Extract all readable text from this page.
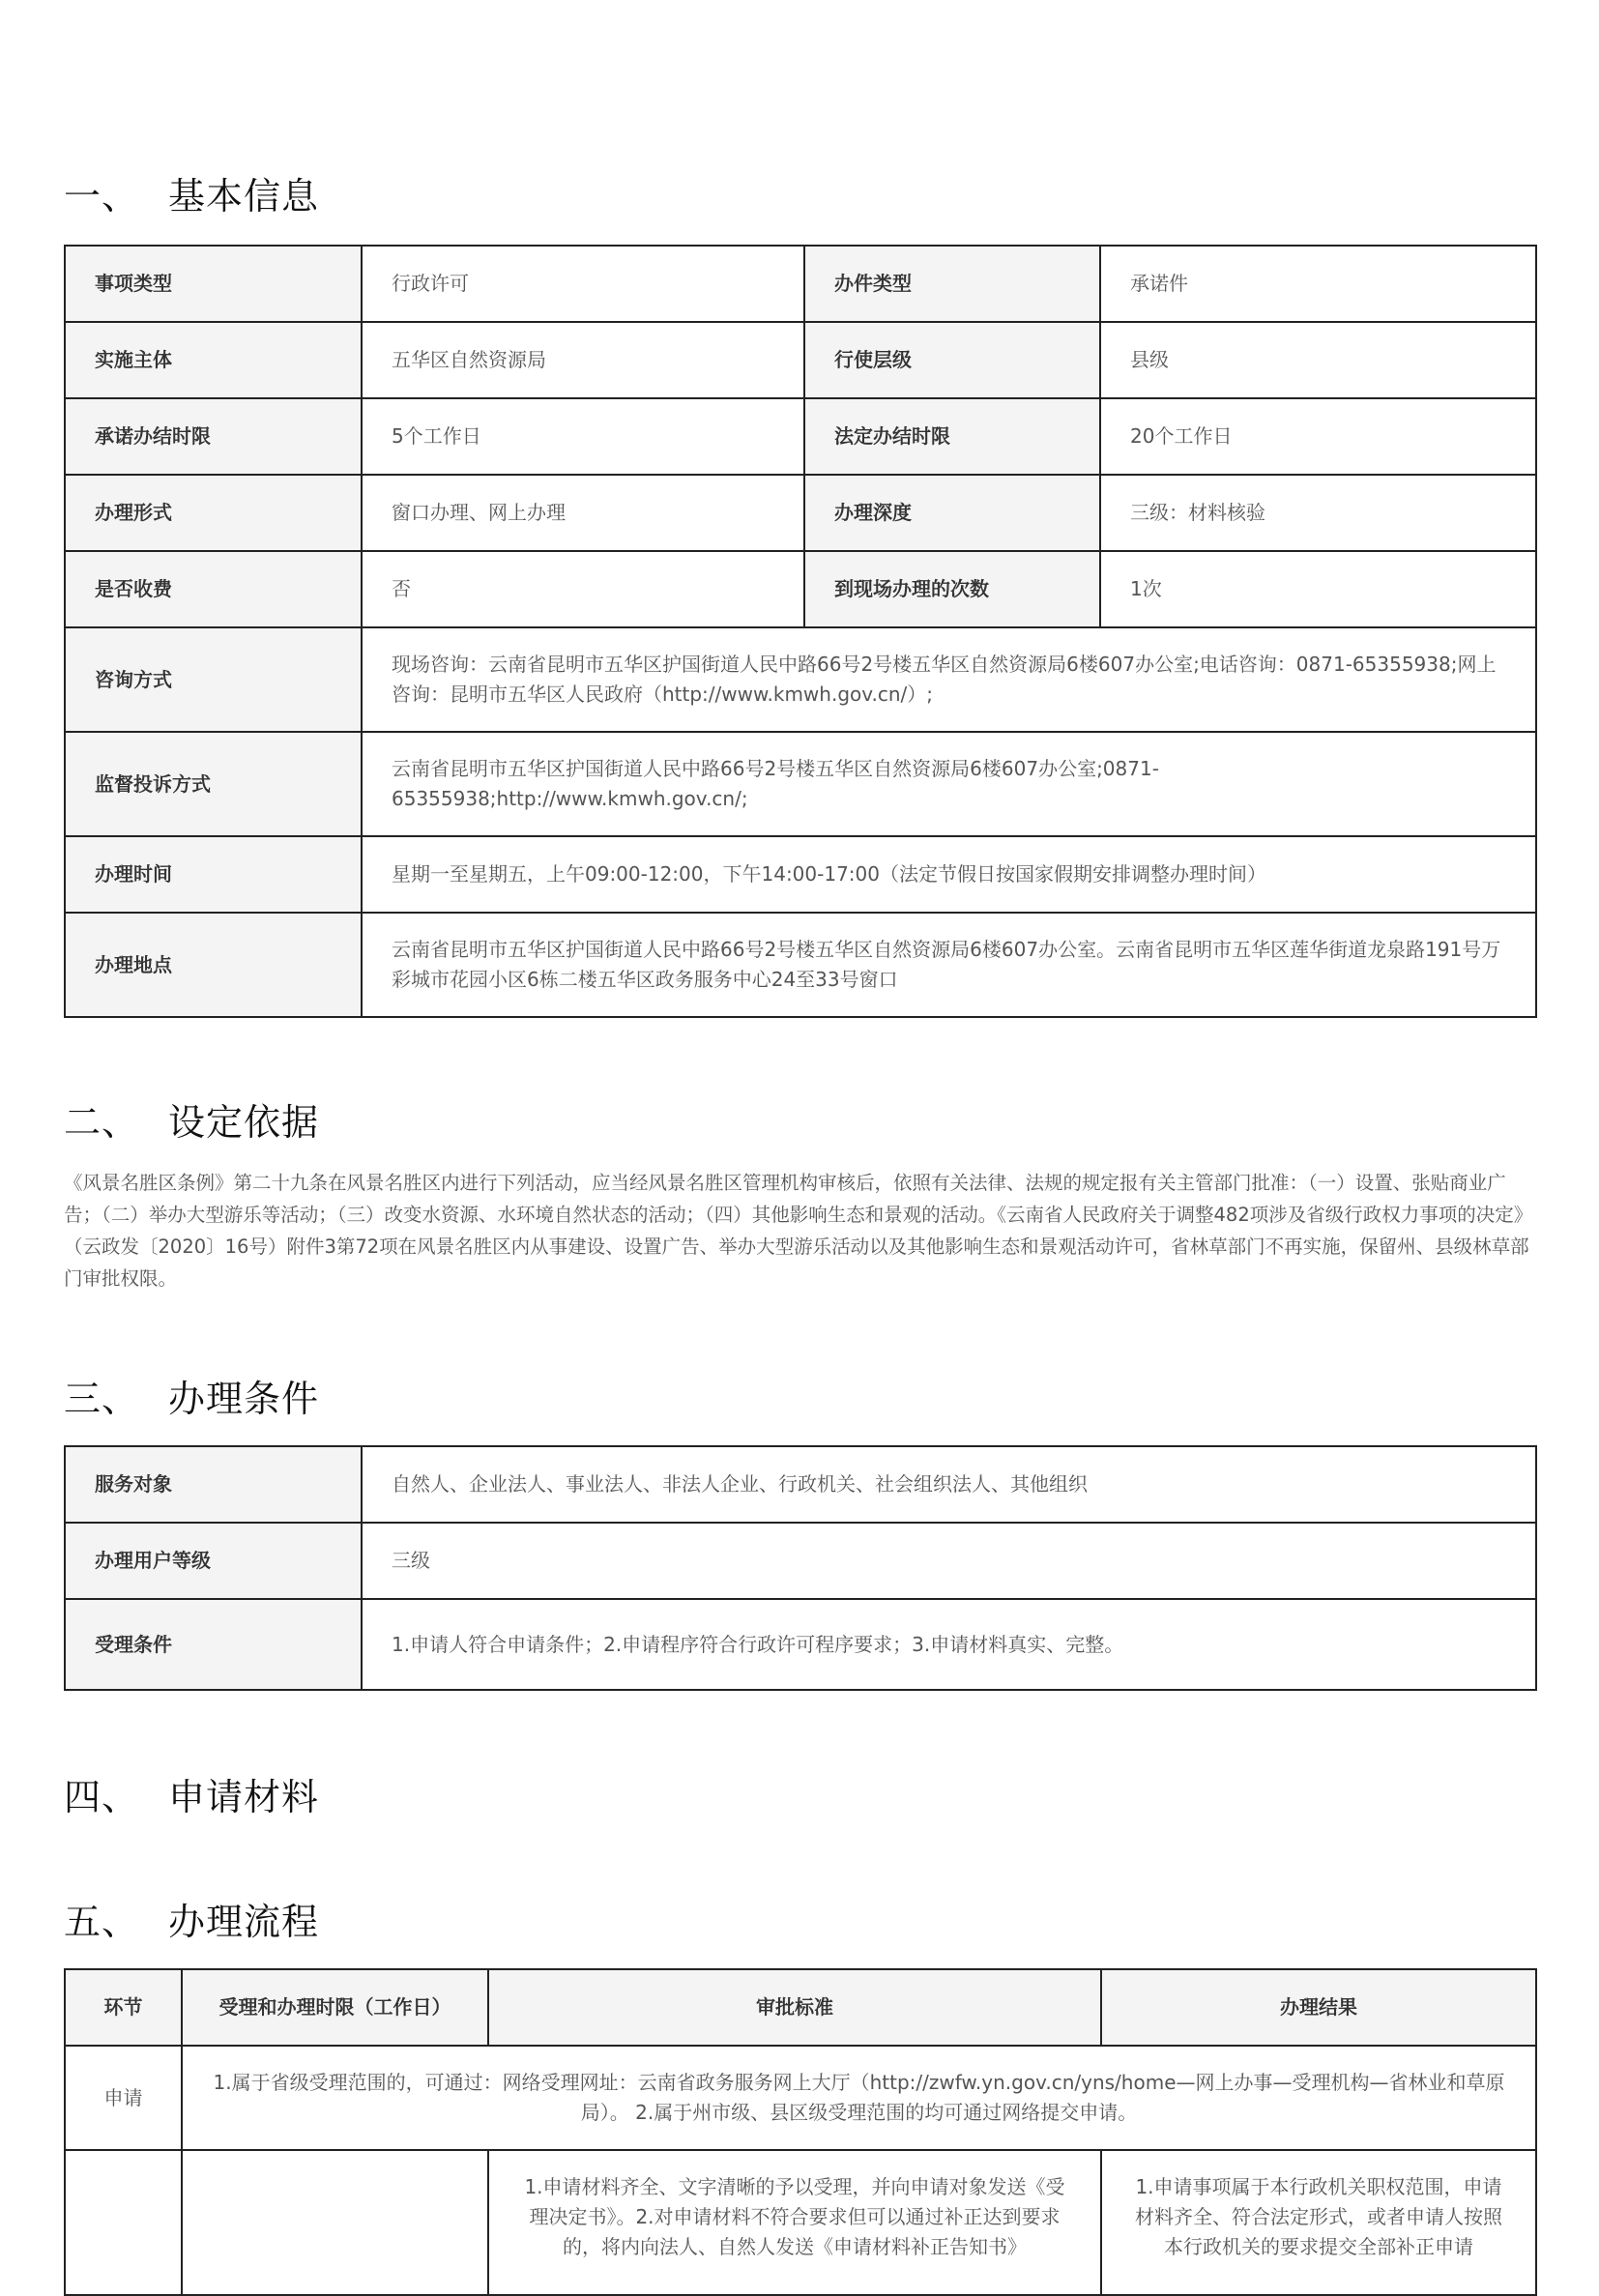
一、 基本信息
事项类型	行政许可	办件类型	承诺件
实施主体	五华区自然资源局	行使层级	县级
承诺办结时限	5个工作日	法定办结时限	20个工作日
办理形式	窗口办理、网上办理	办理深度	三级：材料核验
是否收费	否	到现场办理的次数	1次
咨询方式	现场咨询：云南省昆明市五华区护国街道人民中路66号2号楼五华区自然资源局6楼607办公室;电话咨询：0871-65355938;网上咨询：昆明市五华区人民政府（http://www.kmwh.gov.cn/）;		
监督投诉方式	云南省昆明市五华区护国街道人民中路66号2号楼五华区自然资源局6楼607办公室;0871-65355938;http://www.kmwh.gov.cn/;		
办理时间	星期一至星期五，上午09:00-12:00，下午14:00-17:00（法定节假日按国家假期安排调整办理时间）		
办理地点	云南省昆明市五华区护国街道人民中路66号2号楼五华区自然资源局6楼607办公室。云南省昆明市五华区莲华街道龙泉路191号万彩城市花园小区6栋二楼五华区政务服务中心24至33号窗口		
二、 设定依据

《风景名胜区条例》第二十九条在风景名胜区内进行下列活动，应当经风景名胜区管理机构审核后，依照有关法律、法规的规定报有关主管部门批准：（一）设置、张贴商业广告；（二）举办大型游乐等活动；（三）改变水资源、水环境自然状态的活动；（四）其他影响生态和景观的活动。《云南省人民政府关于调整482项涉及省级行政权力事项的决定》（云政发〔2020〕16号）附件3第72项在风景名胜区内从事建设、设置广告、举办大型游乐活动以及其他影响生态和景观活动许可，省林草部门不再实施，保留州、县级林草部门审批权限。

三、 办理条件
服务对象	自然人、企业法人、事业法人、非法人企业、行政机关、社会组织法人、其他组织
办理用户等级	三级
受理条件	1.申请人符合申请条件；2.申请程序符合行政许可程序要求；3.申请材料真实、完整。
四、 申请材料
五、 办理流程
环节	受理和办理时限（工作日）	审批标准	办理结果
申请	1.属于省级受理范围的，可通过：网络受理网址：云南省政务服务网上大厅（http://zwfw.yn.gov.cn/yns/home—网上办事—受理机构—省林业和草原局）。 2.属于州市级、县区级受理范围的均可通过网络提交申请。		
		1.申请材料齐全、文字清晰的予以受理，并向申请对象发送《受理决定书》。2.对申请材料不符合要求但可以通过补正达到要求的，将内向法人、自然人发送《申请材料补正告知书》	1.申请事项属于本行政机关职权范围，申请材料齐全、符合法定形式，或者申请人按照本行政机关的要求提交全部补正申请
